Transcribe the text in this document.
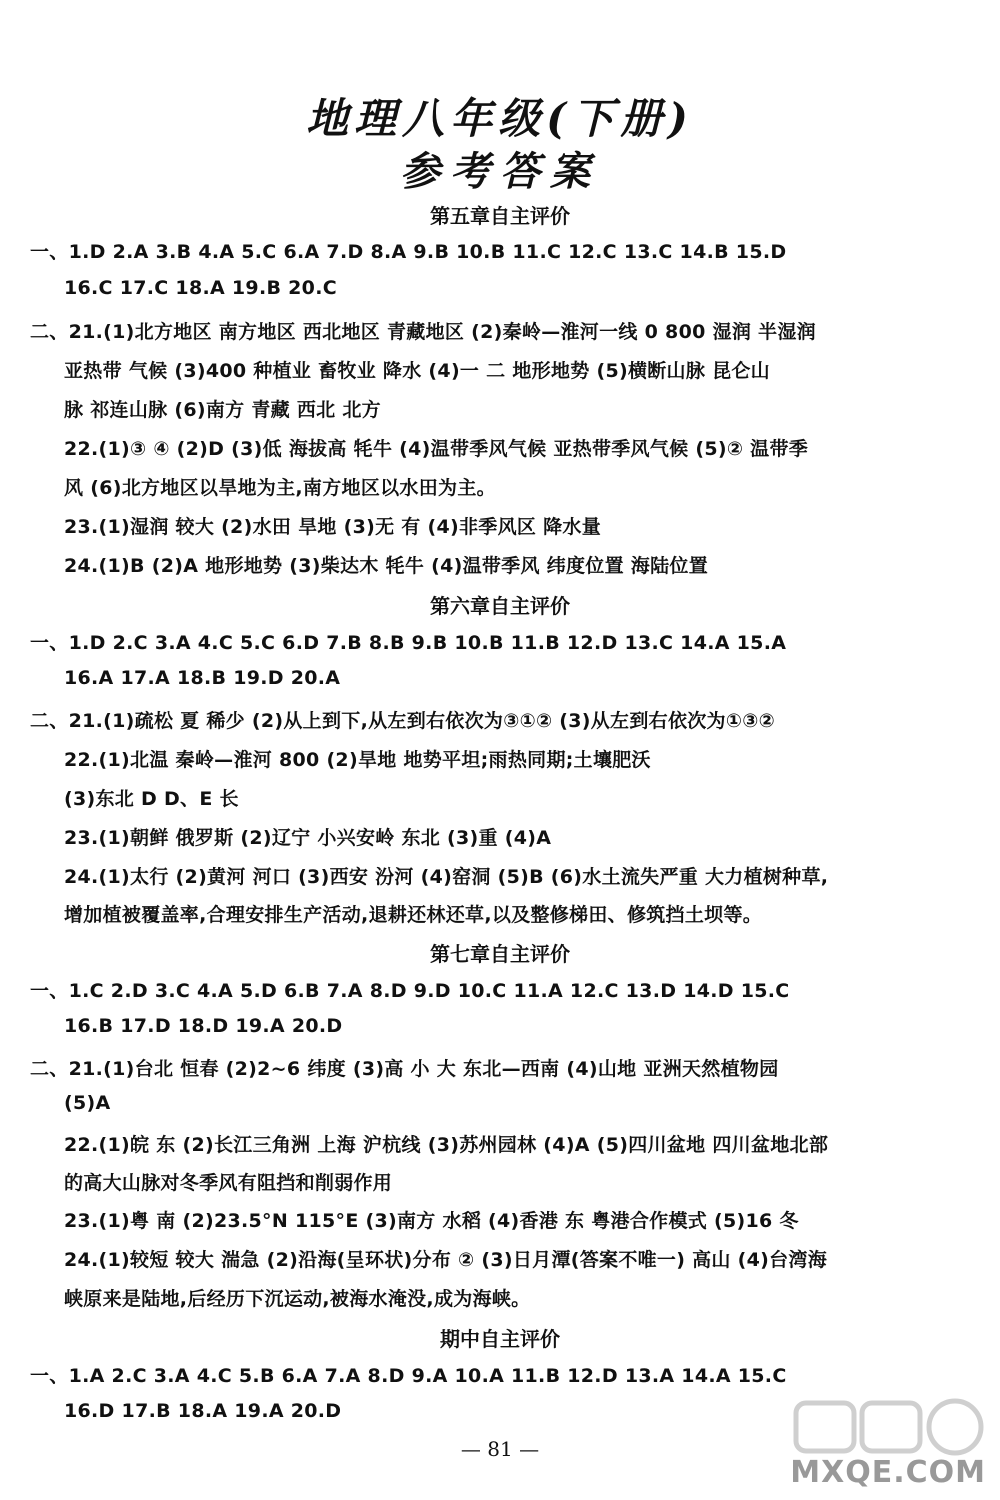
地理八年级(下册)
参考答案
第五章自主评价
一、1.D 2.A 3.B 4.A 5.C 6.A 7.D 8.A 9.B 10.B 11.C 12.C 13.C 14.B 15.D
16.C 17.C 18.A 19.B 20.C
二、21.(1)北方地区 南方地区 西北地区 青藏地区 (2)秦岭—淮河一线 0 800 湿润 半湿润
亚热带 气候 (3)400 种植业 畜牧业 降水 (4)一 二 地形地势 (5)横断山脉 昆仑山
脉 祁连山脉 (6)南方 青藏 西北 北方
22.(1)③ ④ (2)D (3)低 海拔高 牦牛 (4)温带季风气候 亚热带季风气候 (5)② 温带季
风 (6)北方地区以旱地为主,南方地区以水田为主。
23.(1)湿润 较大 (2)水田 旱地 (3)无 有 (4)非季风区 降水量
24.(1)B (2)A 地形地势 (3)柴达木 牦牛 (4)温带季风 纬度位置 海陆位置
第六章自主评价
一、1.D 2.C 3.A 4.C 5.C 6.D 7.B 8.B 9.B 10.B 11.B 12.D 13.C 14.A 15.A
16.A 17.A 18.B 19.D 20.A
二、21.(1)疏松 夏 稀少 (2)从上到下,从左到右依次为③①② (3)从左到右依次为①③②
22.(1)北温 秦岭—淮河 800 (2)旱地 地势平坦;雨热同期;土壤肥沃
(3)东北 D D、E 长
23.(1)朝鲜 俄罗斯 (2)辽宁 小兴安岭 东北 (3)重 (4)A
24.(1)太行 (2)黄河 河口 (3)西安 汾河 (4)窑洞 (5)B (6)水土流失严重 大力植树种草,
增加植被覆盖率,合理安排生产活动,退耕还林还草,以及整修梯田、修筑挡土坝等。
第七章自主评价
一、1.C 2.D 3.C 4.A 5.D 6.B 7.A 8.D 9.D 10.C 11.A 12.C 13.D 14.D 15.C
16.B 17.D 18.D 19.A 20.D
二、21.(1)台北 恒春 (2)2~6 纬度 (3)高 小 大 东北—西南 (4)山地 亚洲天然植物园
(5)A
22.(1)皖 东 (2)长江三角洲 上海 沪杭线 (3)苏州园林 (4)A (5)四川盆地 四川盆地北部
的高大山脉对冬季风有阻挡和削弱作用
23.(1)粤 南 (2)23.5°N 115°E (3)南方 水稻 (4)香港 东 粤港合作模式 (5)16 冬
24.(1)较短 较大 湍急 (2)沿海(呈环状)分布 ② (3)日月潭(答案不唯一) 高山 (4)台湾海
峡原来是陆地,后经历下沉运动,被海水淹没,成为海峡。
期中自主评价
一、1.A 2.C 3.A 4.C 5.B 6.A 7.A 8.D 9.A 10.A 11.B 12.D 13.A 14.A 15.C
16.D 17.B 18.A 19.A 20.D
— 81 —
MXQE.COM
